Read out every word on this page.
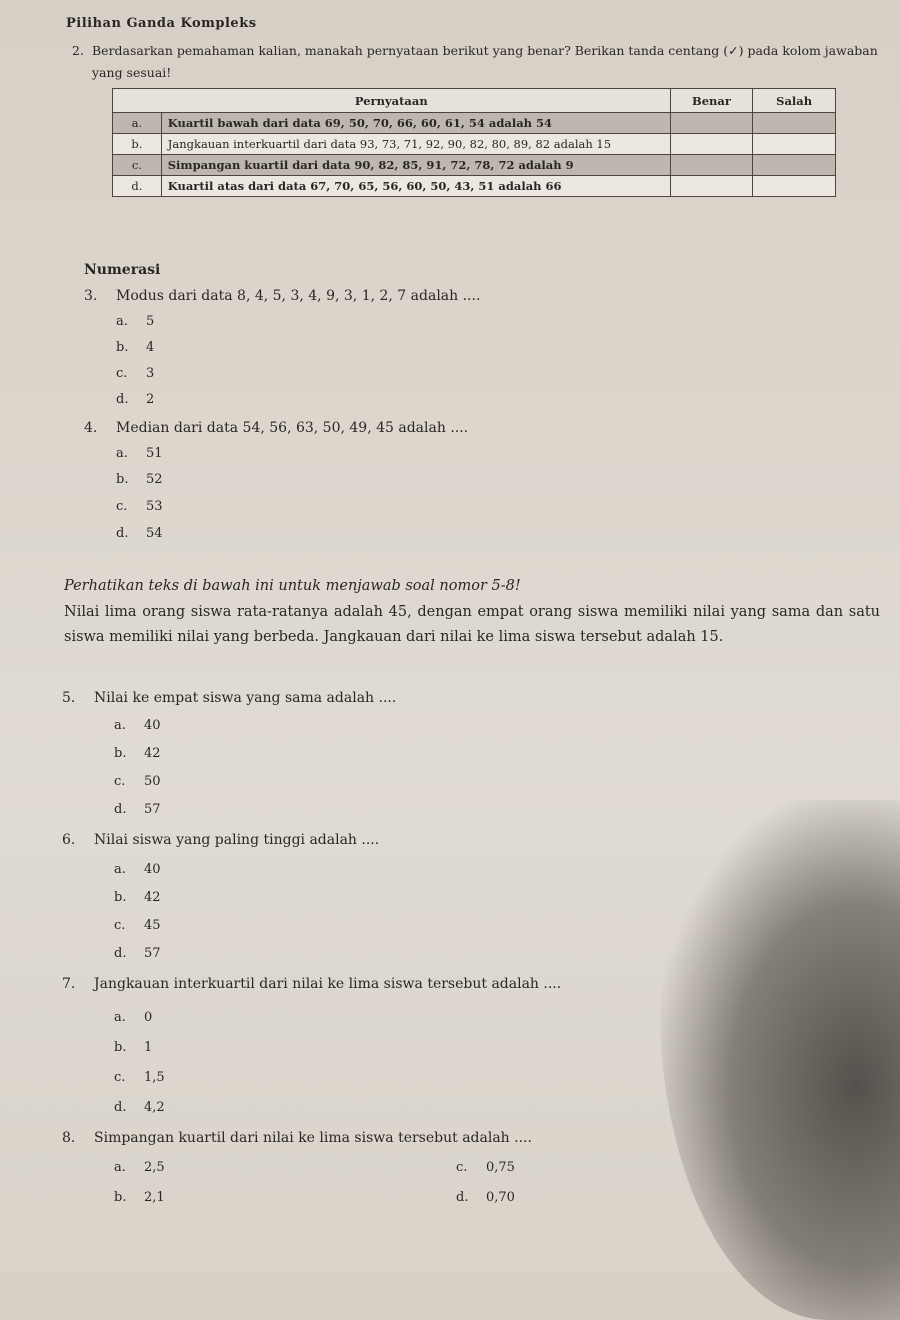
Pilihan Ganda Kompleks
2. Berdasarkan pemahaman kalian, manakah pernyataan berikut yang benar? Berikan tanda centang (✓) pada kolom jawaban yang sesuai!
Pernyataan		Benar	Salah
a.	Kuartil bawah dari data 69, 50, 70, 66, 60, 61, 54 adalah 54		
b.	Jangkauan interkuartil dari data 93, 73, 71, 92, 90, 82, 80, 89, 82 adalah 15		
c.	Simpangan kuartil dari data 90, 82, 85, 91, 72, 78, 72 adalah 9		
d.	Kuartil atas dari data 67, 70, 65, 56, 60, 50, 43, 51 adalah 66		
Numerasi
3. Modus dari data 8, 4, 5, 3, 4, 9, 3, 1, 2, 7 adalah ....
a. 5
b. 4
c. 3
d. 2
4. Median dari data 54, 56, 63, 50, 49, 45 adalah ....
a. 51
b. 52
c. 53
d. 54
Perhatikan teks di bawah ini untuk menjawab soal nomor 5-8!
Nilai lima orang siswa rata-ratanya adalah 45, dengan empat orang siswa memiliki nilai yang sama dan satu siswa memiliki nilai yang berbeda. Jangkauan dari nilai ke lima siswa tersebut adalah 15.
5. Nilai ke empat siswa yang sama adalah ....
a. 40
b. 42
c. 50
d. 57
6. Nilai siswa yang paling tinggi adalah ....
a. 40
b. 42
c. 45
d. 57
7. Jangkauan interkuartil dari nilai ke lima siswa tersebut adalah ....
a. 0
b. 1
c. 1,5
d. 4,2
8. Simpangan kuartil dari nilai ke lima siswa tersebut adalah ....
a. 2,5
b. 2,1
c. 0,75
d. 0,70
